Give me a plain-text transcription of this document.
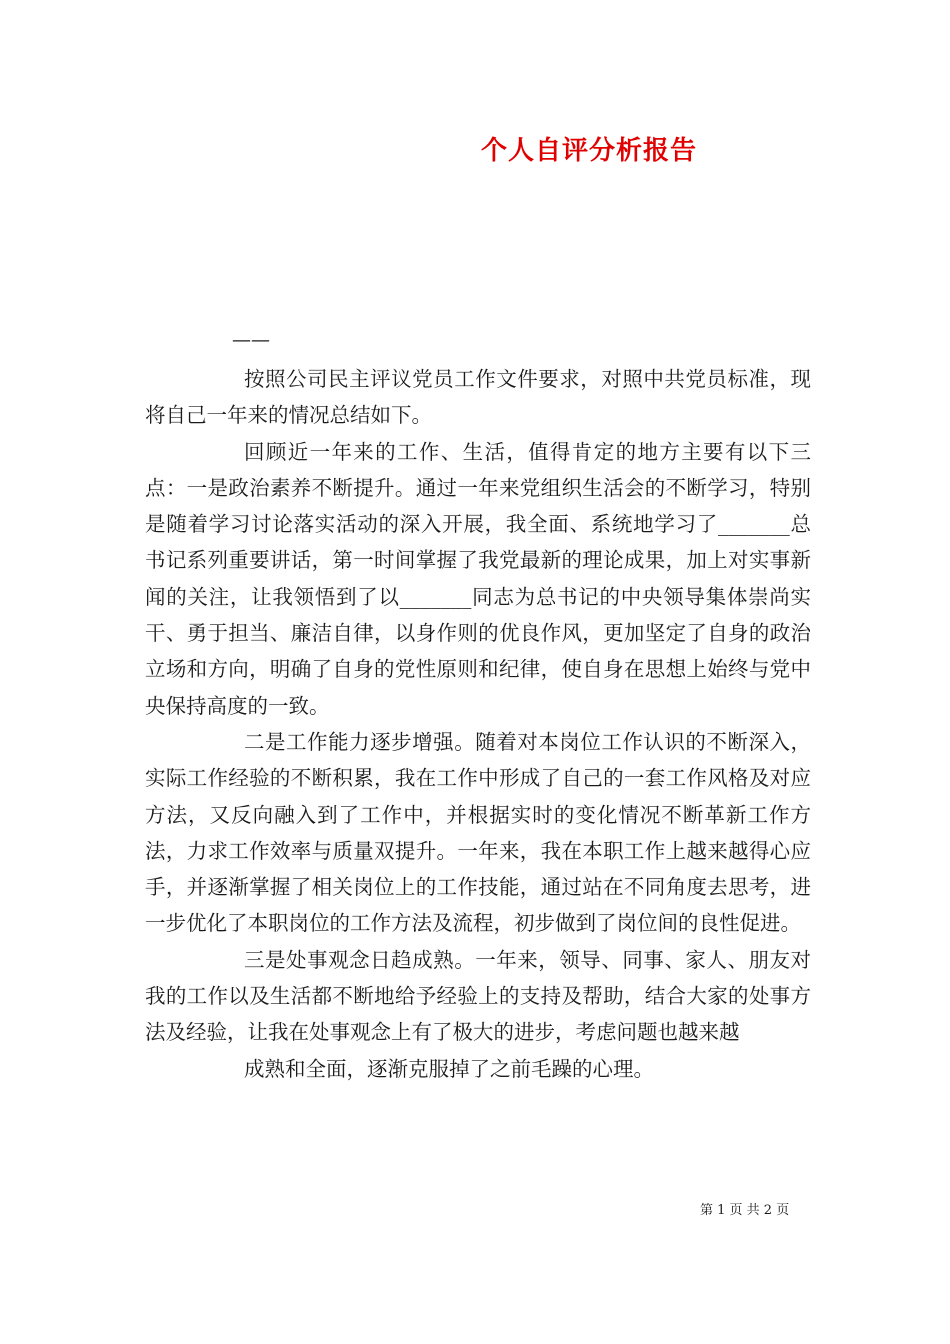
个人自评分析报告
——

按照公司民主评议党员工作文件要求，对照中共党员标准，现将自己一年来的情况总结如下。

回顾近一年来的工作、生活，值得肯定的地方主要有以下三点：一是政治素养不断提升。通过一年来党组织生活会的不断学习，特别是随着学习讨论落实活动的深入开展，我全面、系统地学习了_______总书记系列重要讲话，第一时间掌握了我党最新的理论成果，加上对实事新闻的关注，让我领悟到了以_______同志为总书记的中央领导集体崇尚实干、勇于担当、廉洁自律，以身作则的优良作风，更加坚定了自身的政治立场和方向，明确了自身的党性原则和纪律，使自身在思想上始终与党中央保持高度的一致。

二是工作能力逐步增强。随着对本岗位工作认识的不断深入，实际工作经验的不断积累，我在工作中形成了自己的一套工作风格及对应方法，又反向融入到了工作中，并根据实时的变化情况不断革新工作方法，力求工作效率与质量双提升。一年来，我在本职工作上越来越得心应手，并逐渐掌握了相关岗位上的工作技能，通过站在不同角度去思考，进一步优化了本职岗位的工作方法及流程，初步做到了岗位间的良性促进。

三是处事观念日趋成熟。一年来，领导、同事、家人、朋友对我的工作以及生活都不断地给予经验上的支持及帮助，结合大家的处事方法及经验，让我在处事观念上有了极大的进步，考虑问题也越来越

成熟和全面，逐渐克服掉了之前毛躁的心理。

第 1 页 共 2 页
